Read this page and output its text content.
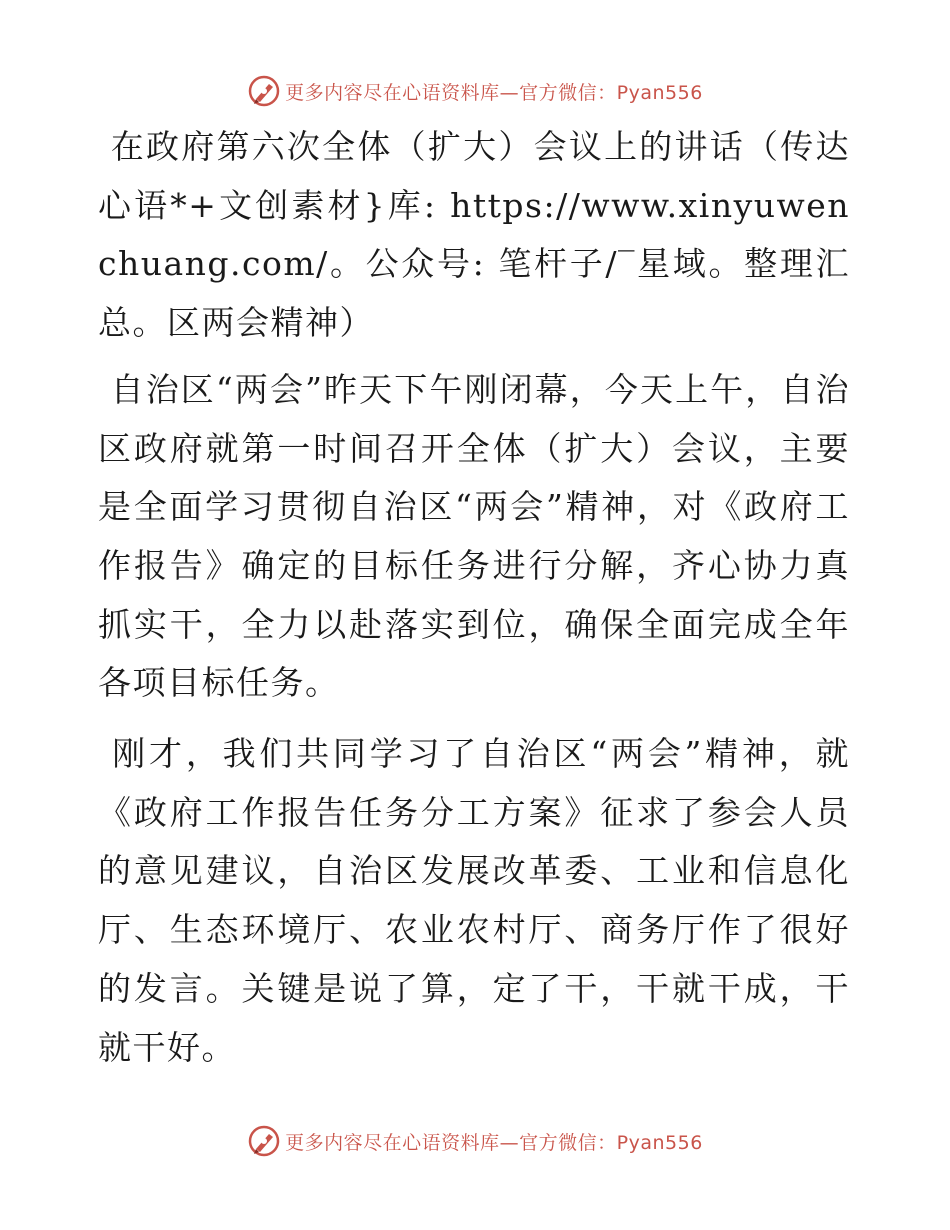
更多内容尽在心语资料库—官方微信：Pyan556

在政府第六次全体（扩大）会议上的讲话（传达心语*+文创素材}库: https://www.xinyuwenchuang.com/。公众号: 笔杆子/‾星域。整理汇总。区两会精神）

自治区“两会”昨天下午刚闭幕，今天上午，自治区政府就第一时间召开全体（扩大）会议，主要是全面学习贯彻自治区“两会”精神，对《政府工作报告》确定的目标任务进行分解，齐心协力真抓实干，全力以赴落实到位，确保全面完成全年各项目标任务。

刚才，我们共同学习了自治区“两会”精神，就《政府工作报告任务分工方案》征求了参会人员的意见建议，自治区发展改革委、工业和信息化厅、生态环境厅、农业农村厅、商务厅作了很好的发言。关键是说了算，定了干，干就干成，干就干好。

更多内容尽在心语资料库—官方微信：Pyan556
